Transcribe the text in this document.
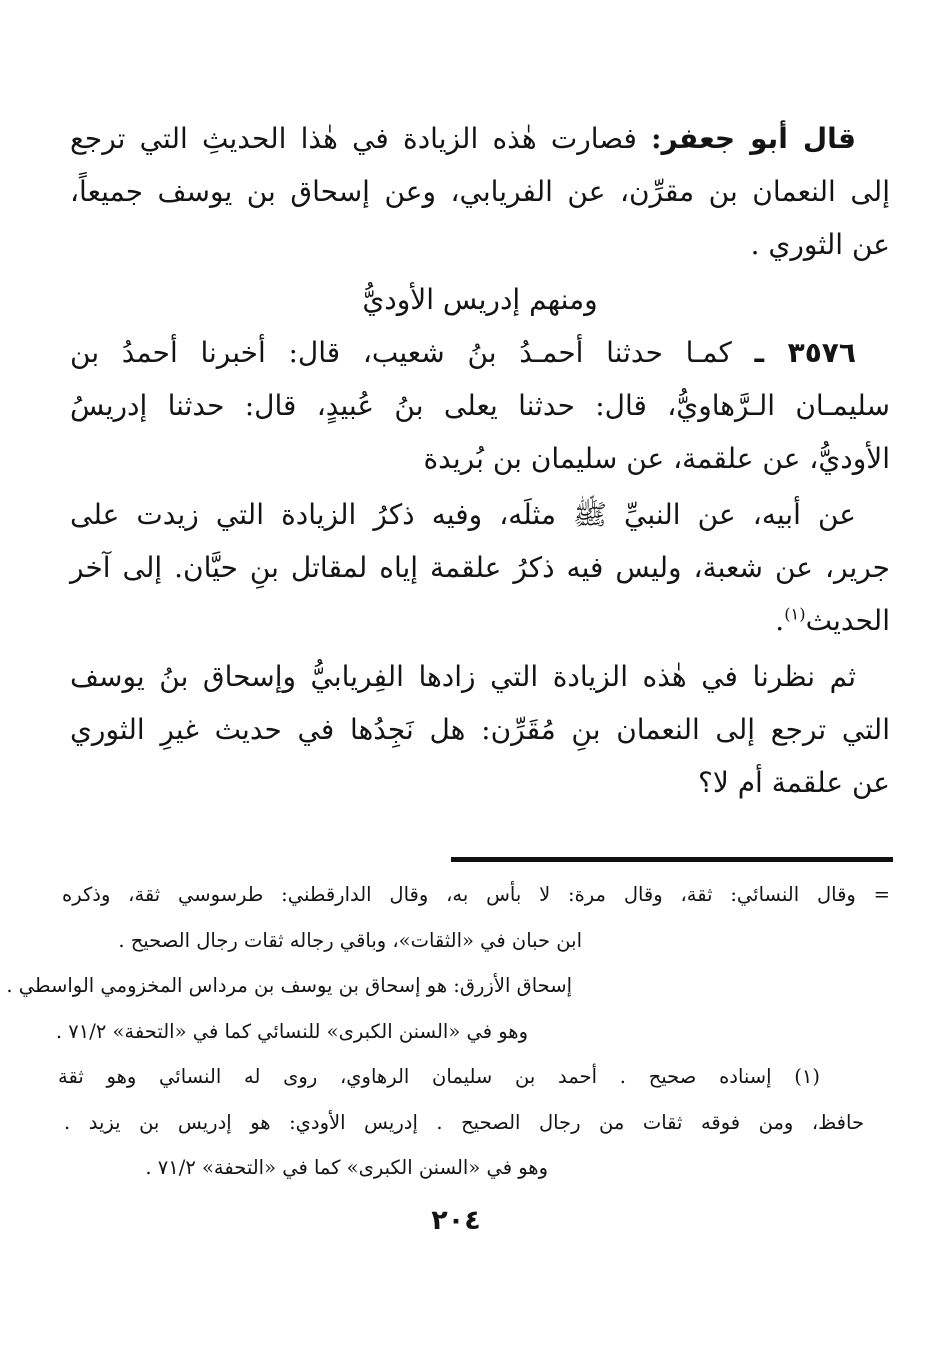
قال أبو جعفر: فصارت هٰذه الزيادة في هٰذا الحديثِ التي ترجع
إلى النعمان بن مقرِّن، عن الفريابي، وعن إسحاق بن يوسف جميعاً،
عن الثوري .
ومنهم إدريس الأوديُّ
٣٥٧٦ ـ كمـا حدثنا أحمـدُ بنُ شعيب، قال: أخبرنا أحمدُ بن
سليمـان الـرَّهاويُّ، قال: حدثنا يعلى بنُ عُبيدٍ، قال: حدثنا إدريسُ
الأوديُّ، عن علقمة، عن سليمان بن بُريدة
عن أبيه، عن النبيِّ ﷺ مثلَه، وفيه ذكرُ الزيادة التي زيدت على
جرير، عن شعبة، وليس فيه ذكرُ علقمة إياه لمقاتل بنِ حيَّان. إلى آخر
الحديث$^{(١)}$.
ثم نظرنا في هٰذه الزيادة التي زادها الفِريابيُّ وإسحاق بنُ يوسف
التي ترجع إلى النعمان بنِ مُقَرِّن: هل نَجِدُها في حديث غيرِ الثوري
عن علقمة أم لا؟
= وقال النسائي: ثقة، وقال مرة: لا بأس به، وقال الدارقطني: طرسوسي ثقة، وذكره
ابن حبان في «الثقات»، وباقي رجاله ثقات رجال الصحيح .
إسحاق الأزرق: هو إسحاق بن يوسف بن مرداس المخزومي الواسطي .
وهو في «السنن الكبرى» للنسائي كما في «التحفة» ٧١/٢ .
(١) إسناده صحيح . أحمد بن سليمان الرهاوي، روى له النسائي وهو ثقة
حافظ، ومن فوقه ثقات من رجال الصحيح . إدريس الأودي: هو إدريس بن يزيد .
وهو في «السنن الكبرى» كما في «التحفة» ٧١/٢ .
٢٠٤
